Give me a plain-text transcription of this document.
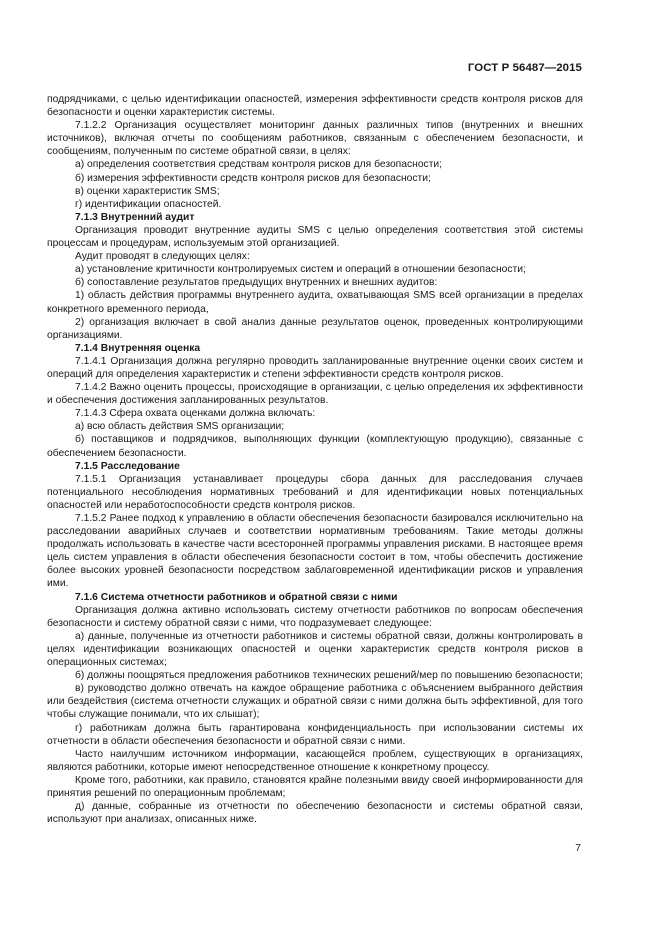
ГОСТ Р 56487—2015

подрядчиками, с целью идентификации опасностей, измерения эффективности средств контроля рисков для безопасности и оценки характеристик системы.

7.1.2.2 Организация осуществляет мониторинг данных различных типов (внутренних и внешних источников), включая отчеты по сообщениям работников, связанным с обеспечением безопасности, и сообщениям, полученным по системе обратной связи, в целях:

а) определения соответствия средствам контроля рисков для безопасности;

б) измерения эффективности средств контроля рисков для безопасности;

в) оценки характеристик SMS;

г) идентификации опасностей.

7.1.3 Внутренний аудит

Организация проводит внутренние аудиты SMS с целью определения соответствия этой системы процессам и процедурам, используемым этой организацией.

Аудит проводят в следующих целях:

а) установление критичности контролируемых систем и операций в отношении безопасности;

б) сопоставление результатов предыдущих внутренних и внешних аудитов:

1) область действия программы внутреннего аудита, охватывающая SMS всей организации в пределах конкретного временного периода,

2) организация включает в свой анализ данные результатов оценок, проведенных контролирующими организациями.

7.1.4 Внутренняя оценка

7.1.4.1 Организация должна регулярно проводить запланированные внутренние оценки своих систем и операций для определения характеристик и степени эффективности средств контроля рисков.

7.1.4.2 Важно оценить процессы, происходящие в организации, с целью определения их эффективности и обеспечения достижения запланированных результатов.

7.1.4.3 Сфера охвата оценками должна включать:

а) всю область действия SMS организации;

б) поставщиков и подрядчиков, выполняющих функции (комплектующую продукцию), связанные с обеспечением безопасности.

7.1.5 Расследование

7.1.5.1 Организация устанавливает процедуры сбора данных для расследования случаев потенциального несоблюдения нормативных требований и для идентификации новых потенциальных опасностей или неработоспособности средств контроля рисков.

7.1.5.2 Ранее подход к управлению в области обеспечения безопасности базировался исключительно на расследовании аварийных случаев и соответствии нормативным требованиям. Такие методы должны продолжать использовать в качестве части всесторонней программы управления рисками. В настоящее время цель систем управления в области обеспечения безопасности состоит в том, чтобы обеспечить достижение более высоких уровней безопасности посредством заблаговременной идентификации рисков и управления ими.

7.1.6 Система отчетности работников и обратной связи с ними

Организация должна активно использовать систему отчетности работников по вопросам обеспечения безопасности и систему обратной связи с ними, что подразумевает следующее:

а) данные, полученные из отчетности работников и системы обратной связи, должны контролировать в целях идентификации возникающих опасностей и оценки характеристик средств контроля рисков в операционных системах;

б) должны поощряться предложения работников технических решений/мер по повышению безопасности;

в) руководство должно отвечать на каждое обращение работника с объяснением выбранного действия или бездействия (система отчетности служащих и обратной связи с ними должна быть эффективной, для того чтобы служащие понимали, что их слышат);

г) работникам должна быть гарантирована конфиденциальность при использовании системы их отчетности в области обеспечения безопасности и обратной связи с ними.

Часто наилучшим источником информации, касающейся проблем, существующих в организациях, являются работники, которые имеют непосредственное отношение к конкретному процессу.

Кроме того, работники, как правило, становятся крайне полезными ввиду своей информированности для принятия решений по операционным проблемам;

д) данные, собранные из отчетности по обеспечению безопасности и системы обратной связи, используют при анализах, описанных ниже.

7
